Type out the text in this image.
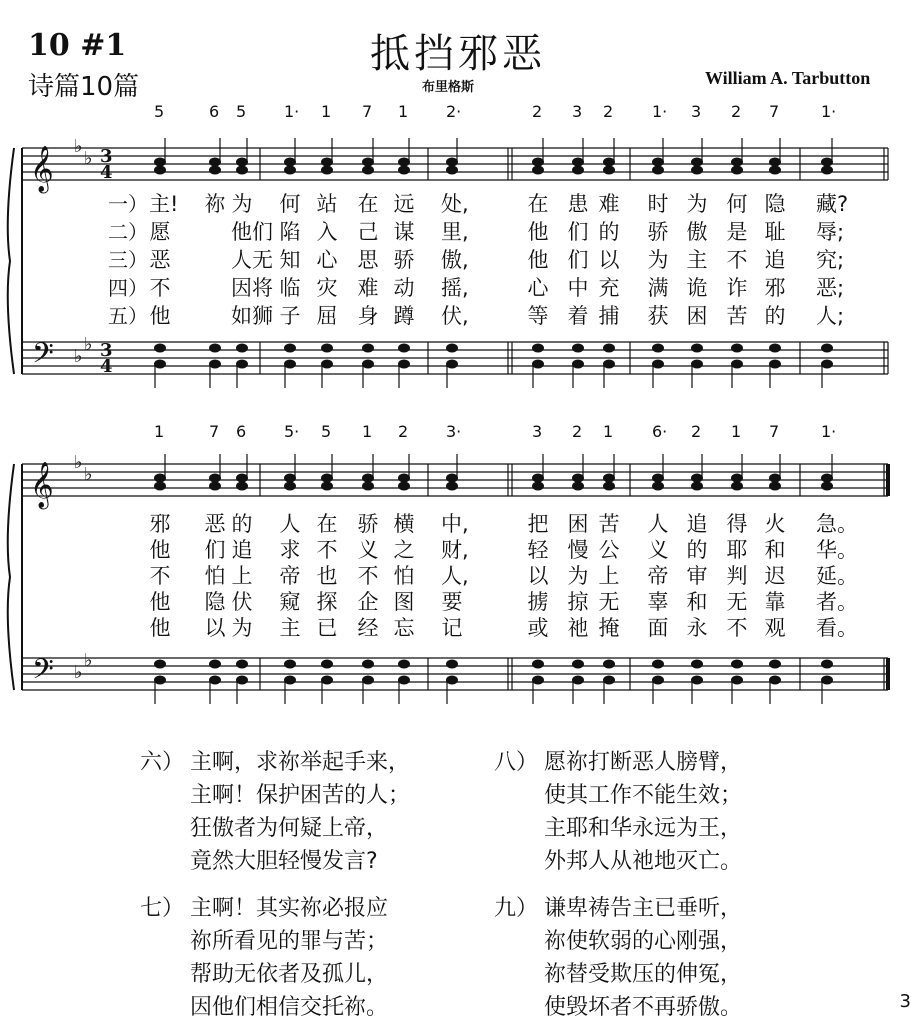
10 #1
诗篇10篇
抵挡邪恶
布里格斯	William A. Tarbutton
𝄞
𝄢
♭
♭
♭
♭
3
4
3
4
𝄞
𝄢
♭
♭
♭
♭
5	6 5 1· 1 7 1 2·	2 3 2 1· 3 2 7	1·
1	7 6 5· 5 1 2 3·	3 2 1 6· 2 1 7	1·
一） 主! 祢 为 何 站 在 远 处,	在 患 难 时 为 何 隐 藏?
二） 愿	他们 陷 入 己 谋 里,	他 们 的 骄 傲 是 耻 辱;
三） 恶	人无 知 心 思 骄 傲,	他 们 以 为 主 不 追 究;
四） 不	因将 临 灾 难 动 摇,	心 中 充 满 诡 诈 邪 恶;
五） 他	如狮 子 屈 身 蹲 伏,	等 着 捕 获 困 苦 的 人;
邪 恶 的 人 在 骄 横 中,	把 困 苦 人 追 得 火 急。
他 们 追 求 不 义 之 财,	轻 慢 公 义 的 耶 和 华。
不 怕 上 帝 也 不 怕 人,	以 为 上 帝 审 判 迟 延。
他 隐 伏 窥 探 企 图 要	掳 掠 无 辜 和 无 靠 者。
他 以 为 主 已 经 忘 记	或 祂 掩 面 永 不 观 看。
六） 主啊，求祢举起手来，
主啊！保护困苦的人；
狂傲者为何疑上帝，
竟然大胆轻慢发言?
八） 愿祢打断恶人膀臂，
使其工作不能生效；
主耶和华永远为王，
外邦人从祂地灭亡。
七） 主啊！其实祢必报应
祢所看见的罪与苦；
帮助无依者及孤儿，
因他们相信交托祢。
九） 谦卑祷告主已垂听，
祢使软弱的心刚强，
祢替受欺压的伸冤，
使毁坏者不再骄傲。	3
